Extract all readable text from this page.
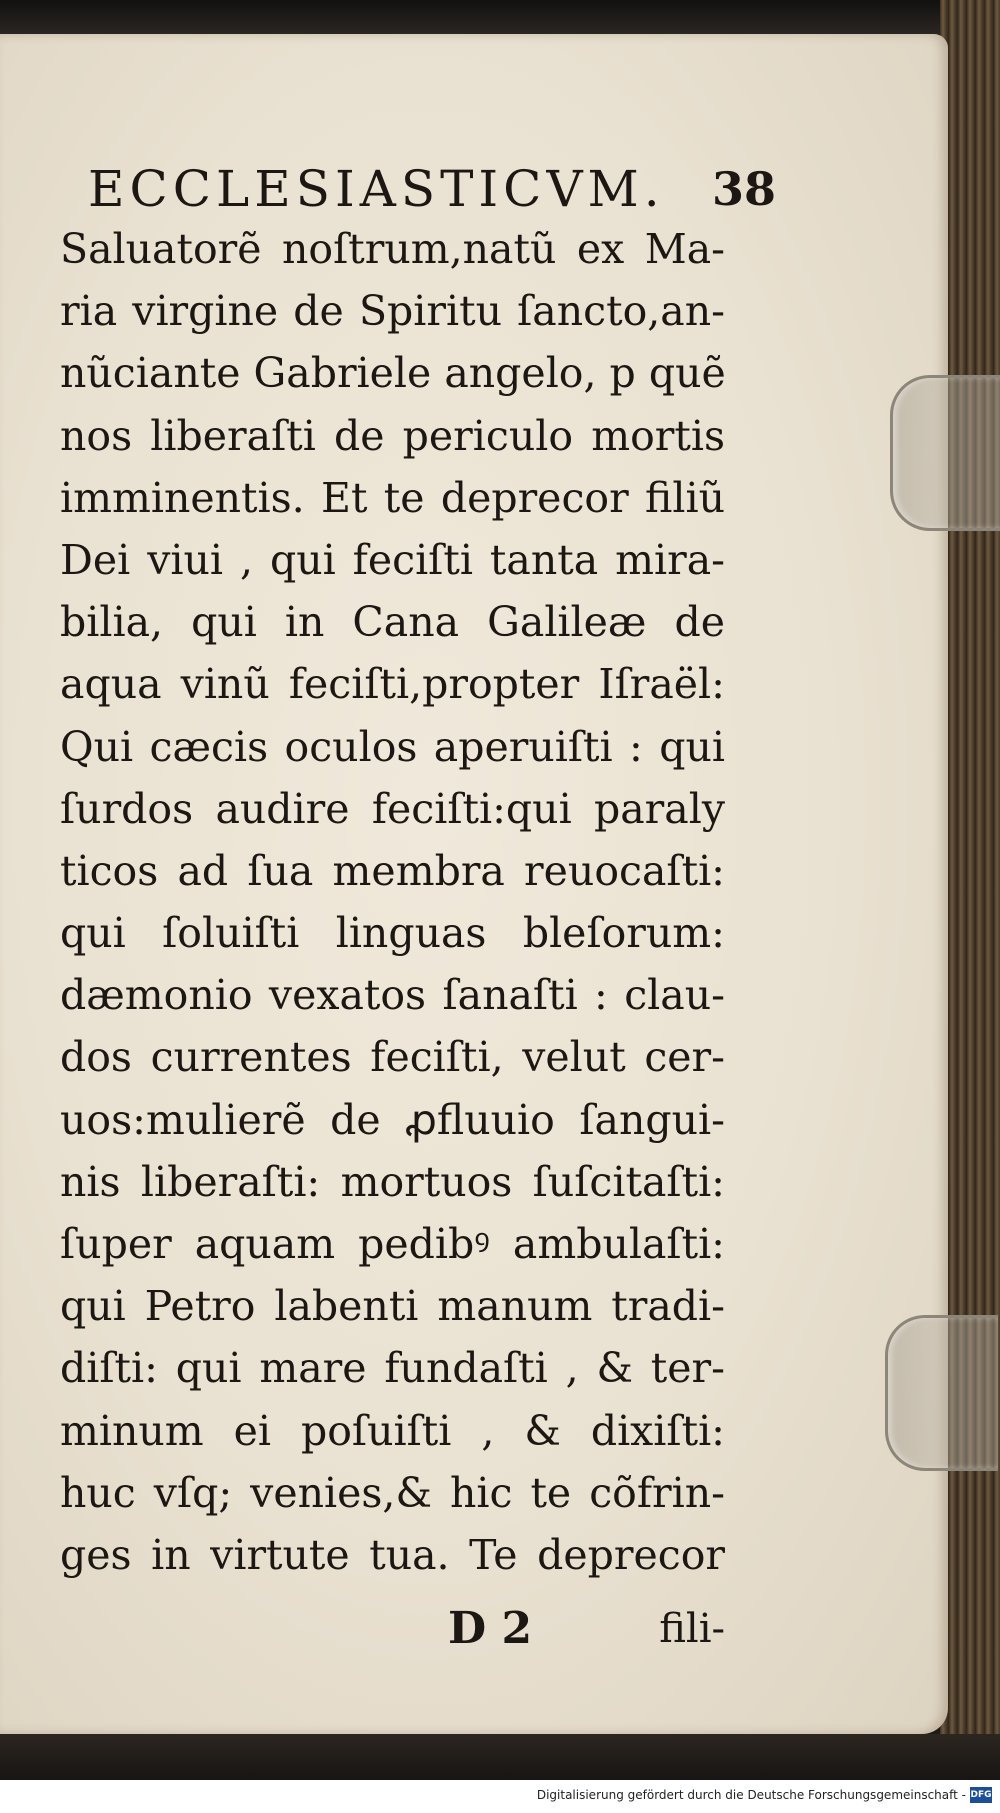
ECCLESIASTICVM. 38
Saluatorẽ noſtrum,natũ ex Ma-
ria virgine de Spiritu ſancto,an-
nũciante Gabriele angelo, p quẽ
nos liberaſti de periculo mortis
imminentis. Et te deprecor filiũ
Dei viui , qui feciſti tanta mira-
bilia, qui in Cana Galileæ de
aqua vinũ feciſti,propter Iſraël:
Qui cæcis oculos aperuiſti : qui
ſurdos audire feciſti:qui paraly
ticos ad ſua membra reuocaſti:
qui ſoluiſti linguas bleſorum:
dæmonio vexatos ſanaſti : clau-
dos currentes feciſti, velut cer-
uos:mulierẽ de ꝓfluuio ſangui-
nis liberaſti: mortuos ſuſcitaſti:
ſuper aquam pedibꝰ ambulaſti:
qui Petro labenti manum tradi-
diſti: qui mare fundaſti , & ter-
minum ei poſuiſti , & dixiſti:
huc vſq; venies,& hic te cõfrin-
ges in virtute tua. Te deprecor
D 2	fili-
Digitalisierung gefördert durch die Deutsche Forschungsgemeinschaft - DFG
